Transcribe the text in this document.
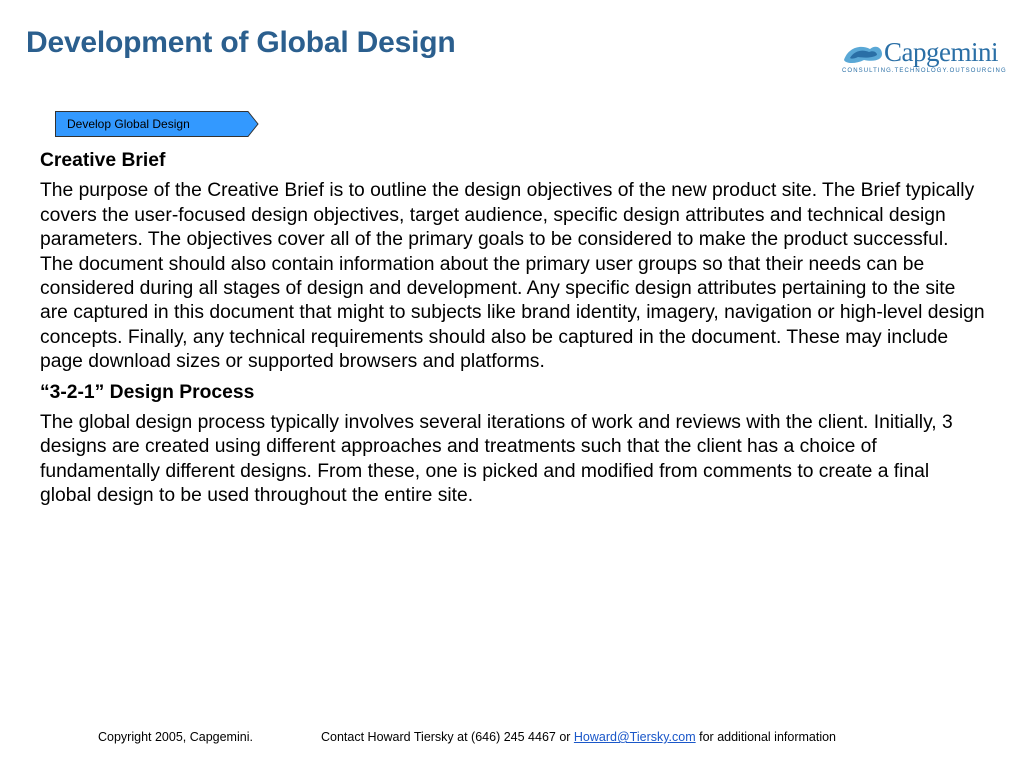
Development of Global Design	Capgemini
CONSULTING.TECHNOLOGY.OUTSOURCING
Develop Global Design
Creative Brief
The purpose of the Creative Brief is to outline the design objectives of the new product site. The Brief typically covers the user-focused design objectives, target audience, specific design attributes and technical design parameters. The objectives cover all of the primary goals to be considered to make the product successful. The document should also contain information about the primary user groups so that their needs can be considered during all stages of design and development. Any specific design attributes pertaining to the site are captured in this document that might to subjects like brand identity, imagery, navigation or high-level design concepts. Finally, any technical requirements should also be captured in the document. These may include page download sizes or supported browsers and platforms.
“3-2-1” Design Process
The global design process typically involves several iterations of work and reviews with the client. Initially, 3 designs are created using different approaches and treatments such that the client has a choice of fundamentally different designs. From these, one is picked and modified from comments to create a final global design to be used throughout the entire site.
Copyright 2005, Capgemini.	Contact Howard Tiersky at (646) 245 4467 or Howard@Tiersky.com for additional information
